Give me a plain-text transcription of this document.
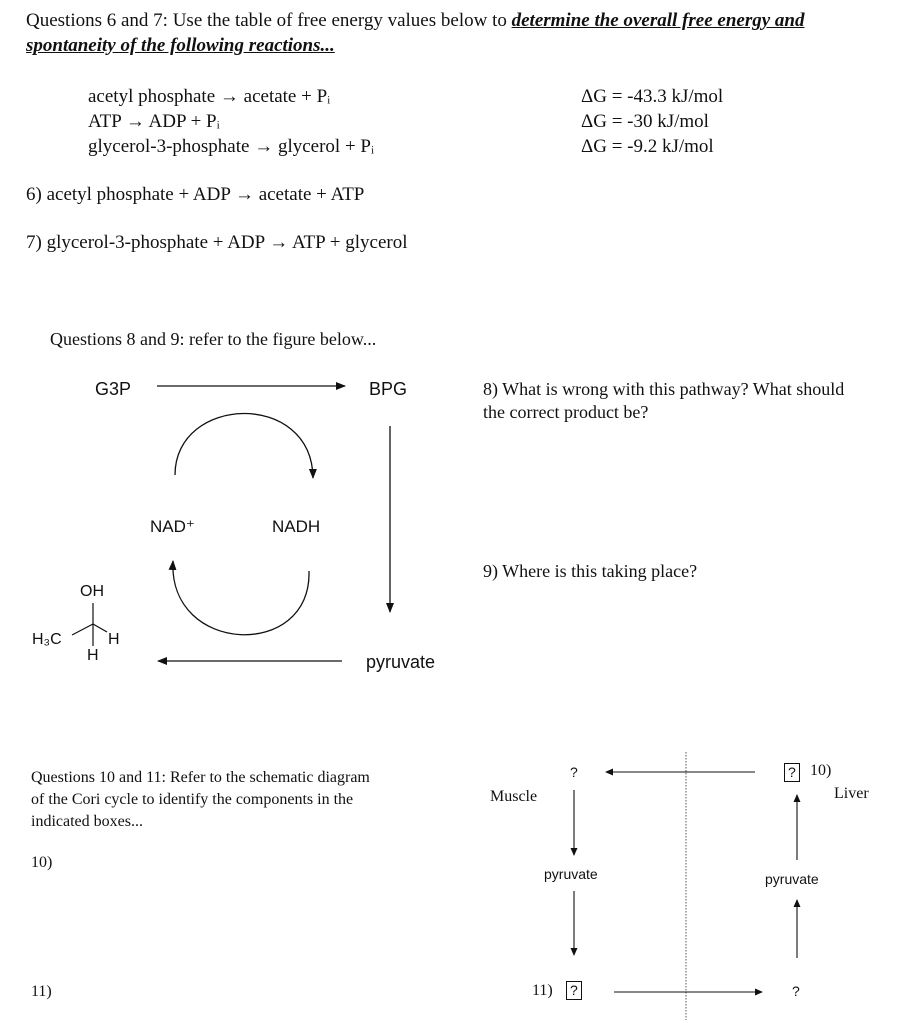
Questions 6 and 7: Use the table of free energy values below to determine the overall free energy and
spontaneity of the following reactions...
acetyl phosphate → acetate + Pᵢ	ΔG = -43.3 kJ/mol
ATP → ADP + Pᵢ	ΔG = -30 kJ/mol
glycerol-3-phosphate → glycerol + Pᵢ	ΔG = -9.2 kJ/mol
6) acetyl phosphate + ADP → acetate + ATP
7) glycerol-3-phosphate + ADP → ATP + glycerol
Questions 8 and 9: refer to the figure below...
G3P	BPG
NAD⁺	NADH
pyruvate
OH
H₃C	H
H
8) What is wrong with this pathway? What should
the correct product be?
9) Where is this taking place?
Questions 10 and 11: Refer to the schematic diagram
of the Cori cycle to identify the components in the
indicated boxes...
10)
11)
Muscle	Liver
?	? 10)
pyruvate	pyruvate
11) ?	?
